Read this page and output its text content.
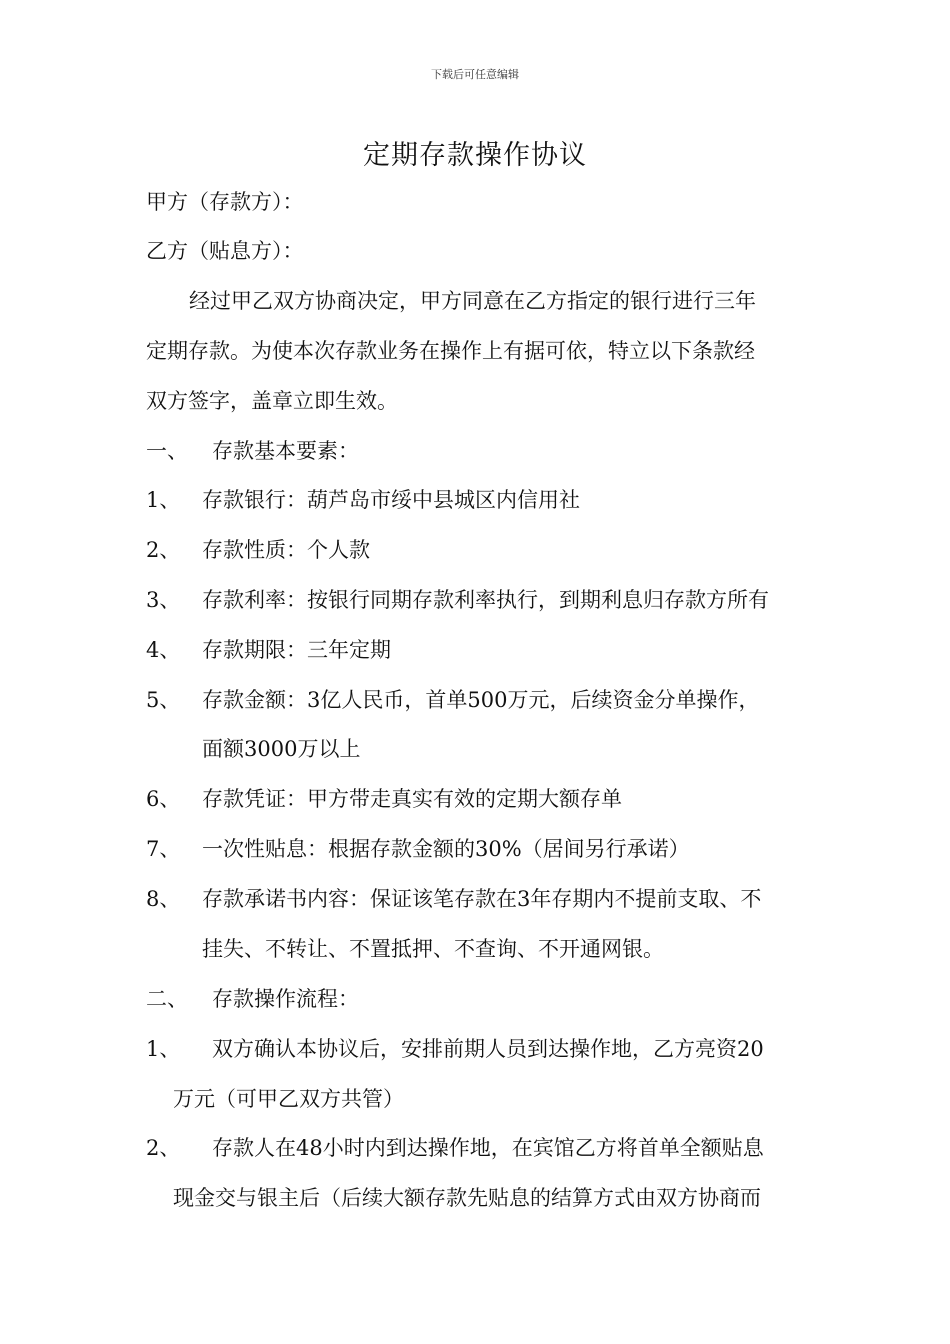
下载后可任意编辑
定期存款操作协议
甲方（存款方）：
乙方（贴息方）：
经过甲乙双方协商决定，甲方同意在乙方指定的银行进行三年
定期存款。为使本次存款业务在操作上有据可依，特立以下条款经
双方签字，盖章立即生效。
一、 存款基本要素：
1、 存款银行：葫芦岛市绥中县城区内信用社
2、 存款性质：个人款
3、 存款利率：按银行同期存款利率执行，到期利息归存款方所有
4、 存款期限：三年定期
5、 存款金额：3亿人民币，首单500万元，后续资金分单操作，
面额3000万以上
6、 存款凭证：甲方带走真实有效的定期大额存单
7、 一次性贴息：根据存款金额的30%（居间另行承诺）
8、 存款承诺书内容：保证该笔存款在3年存期内不提前支取、不
挂失、不转让、不置抵押、不查询、不开通网银。
二、 存款操作流程：
1、 双方确认本协议后，安排前期人员到达操作地，乙方亮资20
万元（可甲乙双方共管）
2、 存款人在48小时内到达操作地，在宾馆乙方将首单全额贴息
现金交与银主后（后续大额存款先贴息的结算方式由双方协商而
